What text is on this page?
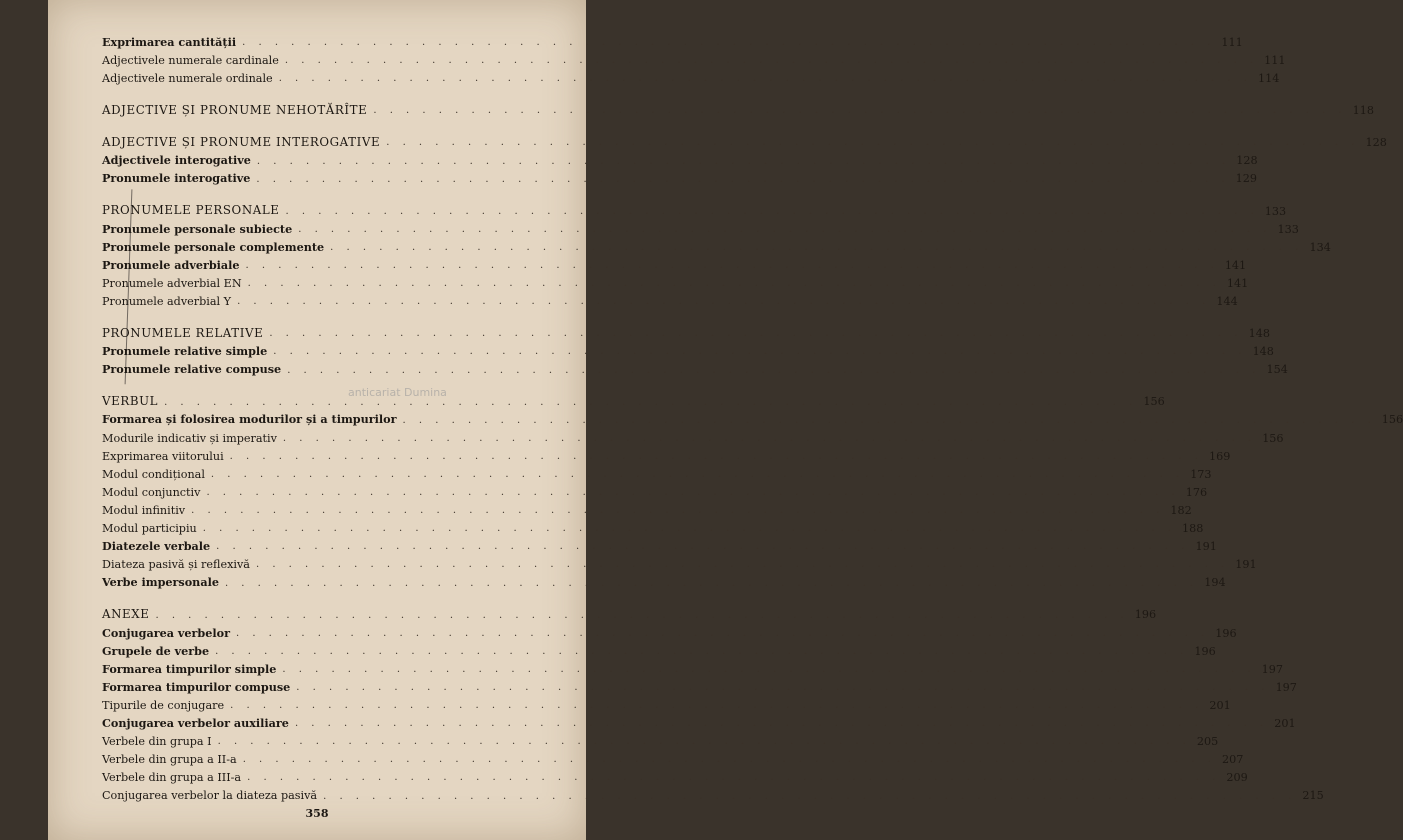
anticariat Dumina
Exprimarea cantității . . . . . . . . . . . . . . . . . . . . . . . . . . . . . . . . . . . . . . . . . . . . . . . . . . . . . . . . . . . . 111
Adjectivele numerale cardinale . . . . . . . . . . . . . . . . . . . . . . . . . . . . . . . . . . . . . . . . . . . . . . . . . . . . . . . . . . . . 111
Adjectivele numerale ordinale . . . . . . . . . . . . . . . . . . . . . . . . . . . . . . . . . . . . . . . . . . . . . . . . . . . . . . . . . . . . 114
ADJECTIVE ȘI PRONUME NEHOTĂRÎTE . . . . . . . . . . . . . . . . . . . . . . . . . . . . . . . . . . . . . . . . . . . . . . . . . . . . . . . . . . . . 118
ADJECTIVE ȘI PRONUME INTEROGATIVE . . . . . . . . . . . . . . . . . . . . . . . . . . . . . . . . . . . . . . . . . . . . . . . . . . . . . . . . . . . . 128
Adjectivele interogative . . . . . . . . . . . . . . . . . . . . . . . . . . . . . . . . . . . . . . . . . . . . . . . . . . . . . . . . . . . . 128
Pronumele interogative . . . . . . . . . . . . . . . . . . . . . . . . . . . . . . . . . . . . . . . . . . . . . . . . . . . . . . . . . . . . 129
PRONUMELE PERSONALE . . . . . . . . . . . . . . . . . . . . . . . . . . . . . . . . . . . . . . . . . . . . . . . . . . . . . . . . . . . . 133
Pronumele personale subiecte . . . . . . . . . . . . . . . . . . . . . . . . . . . . . . . . . . . . . . . . . . . . . . . . . . . . . . . . . . . . 133
Pronumele personale complemente . . . . . . . . . . . . . . . . . . . . . . . . . . . . . . . . . . . . . . . . . . . . . . . . . . . . . . . . . . . . 134
Pronumele adverbiale . . . . . . . . . . . . . . . . . . . . . . . . . . . . . . . . . . . . . . . . . . . . . . . . . . . . . . . . . . . . 141
Pronumele adverbial EN . . . . . . . . . . . . . . . . . . . . . . . . . . . . . . . . . . . . . . . . . . . . . . . . . . . . . . . . . . . . 141
Pronumele adverbial Y . . . . . . . . . . . . . . . . . . . . . . . . . . . . . . . . . . . . . . . . . . . . . . . . . . . . . . . . . . . . 144
PRONUMELE RELATIVE . . . . . . . . . . . . . . . . . . . . . . . . . . . . . . . . . . . . . . . . . . . . . . . . . . . . . . . . . . . . 148
Pronumele relative simple . . . . . . . . . . . . . . . . . . . . . . . . . . . . . . . . . . . . . . . . . . . . . . . . . . . . . . . . . . . . 148
Pronumele relative compuse . . . . . . . . . . . . . . . . . . . . . . . . . . . . . . . . . . . . . . . . . . . . . . . . . . . . . . . . . . . . 154
VERBUL . . . . . . . . . . . . . . . . . . . . . . . . . . . . . . . . . . . . . . . . . . . . . . . . . . . . . . . . . . . . 156
Formarea și folosirea modurilor și a timpurilor . . . . . . . . . . . . . . . . . . . . . . . . . . . . . . . . . . . . . . . . . . . . . . . . . . . . . . . . . . . . 156
Modurile indicativ și imperativ . . . . . . . . . . . . . . . . . . . . . . . . . . . . . . . . . . . . . . . . . . . . . . . . . . . . . . . . . . . . 156
Exprimarea viitorului . . . . . . . . . . . . . . . . . . . . . . . . . . . . . . . . . . . . . . . . . . . . . . . . . . . . . . . . . . . . 169
Modul condițional . . . . . . . . . . . . . . . . . . . . . . . . . . . . . . . . . . . . . . . . . . . . . . . . . . . . . . . . . . . . 173
Modul conjunctiv . . . . . . . . . . . . . . . . . . . . . . . . . . . . . . . . . . . . . . . . . . . . . . . . . . . . . . . . . . . . 176
Modul infinitiv . . . . . . . . . . . . . . . . . . . . . . . . . . . . . . . . . . . . . . . . . . . . . . . . . . . . . . . . . . . . 182
Modul participiu . . . . . . . . . . . . . . . . . . . . . . . . . . . . . . . . . . . . . . . . . . . . . . . . . . . . . . . . . . . . 188
Diatezele verbale . . . . . . . . . . . . . . . . . . . . . . . . . . . . . . . . . . . . . . . . . . . . . . . . . . . . . . . . . . . . 191
Diateza pasivă și reflexivă . . . . . . . . . . . . . . . . . . . . . . . . . . . . . . . . . . . . . . . . . . . . . . . . . . . . . . . . . . . . 191
Verbe impersonale . . . . . . . . . . . . . . . . . . . . . . . . . . . . . . . . . . . . . . . . . . . . . . . . . . . . . . . . . . . . 194
ANEXE . . . . . . . . . . . . . . . . . . . . . . . . . . . . . . . . . . . . . . . . . . . . . . . . . . . . . . . . . . . . 196
Conjugarea verbelor . . . . . . . . . . . . . . . . . . . . . . . . . . . . . . . . . . . . . . . . . . . . . . . . . . . . . . . . . . . . 196
Grupele de verbe . . . . . . . . . . . . . . . . . . . . . . . . . . . . . . . . . . . . . . . . . . . . . . . . . . . . . . . . . . . . 196
Formarea timpurilor simple . . . . . . . . . . . . . . . . . . . . . . . . . . . . . . . . . . . . . . . . . . . . . . . . . . . . . . . . . . . . 197
Formarea timpurilor compuse . . . . . . . . . . . . . . . . . . . . . . . . . . . . . . . . . . . . . . . . . . . . . . . . . . . . . . . . . . . . 197
Tipurile de conjugare . . . . . . . . . . . . . . . . . . . . . . . . . . . . . . . . . . . . . . . . . . . . . . . . . . . . . . . . . . . . 201
Conjugarea verbelor auxiliare . . . . . . . . . . . . . . . . . . . . . . . . . . . . . . . . . . . . . . . . . . . . . . . . . . . . . . . . . . . . 201
Verbele din grupa I . . . . . . . . . . . . . . . . . . . . . . . . . . . . . . . . . . . . . . . . . . . . . . . . . . . . . . . . . . . . 205
Verbele din grupa a II-a . . . . . . . . . . . . . . . . . . . . . . . . . . . . . . . . . . . . . . . . . . . . . . . . . . . . . . . . . . . . 207
Verbele din grupa a III-a . . . . . . . . . . . . . . . . . . . . . . . . . . . . . . . . . . . . . . . . . . . . . . . . . . . . . . . . . . . . 209
Conjugarea verbelor la diateza pasivă . . . . . . . . . . . . . . . . . . . . . . . . . . . . . . . . . . . . . . . . . . . . . . . . . . . . . . . . . . . . 215
358
